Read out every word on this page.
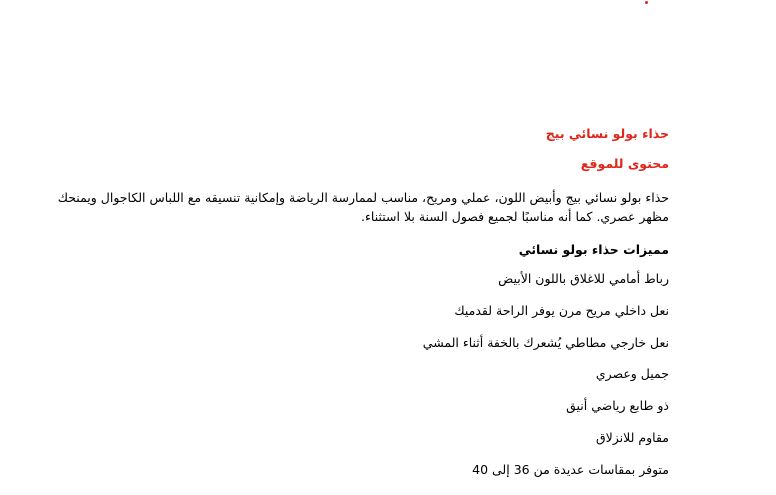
حذاء بولو نسائي بيج
محتوى للموقع
حذاء بولو نسائي بيج وأبيض اللون، عملي ومريح، مناسب لممارسة الرياضة وإمكانية تنسيقه مع اللباس الكاجوال ويمنحك مظهر عصري. كما أنه مناسبًا لجميع فصول السنة بلا استثناء.
مميزات حذاء بولو نسائي
رباط أمامي للاغلاق باللون الأبيض
نعل داخلي مريح مرن يوفر الراحة لقدميك
نعل خارجي مطاطي يُشعرك بالخفة أثناء المشي
جميل وعصري
ذو طابع رياضي أنيق
مقاوم للانزلاق
متوفر بمقاسات عديدة من 36 إلى 40
